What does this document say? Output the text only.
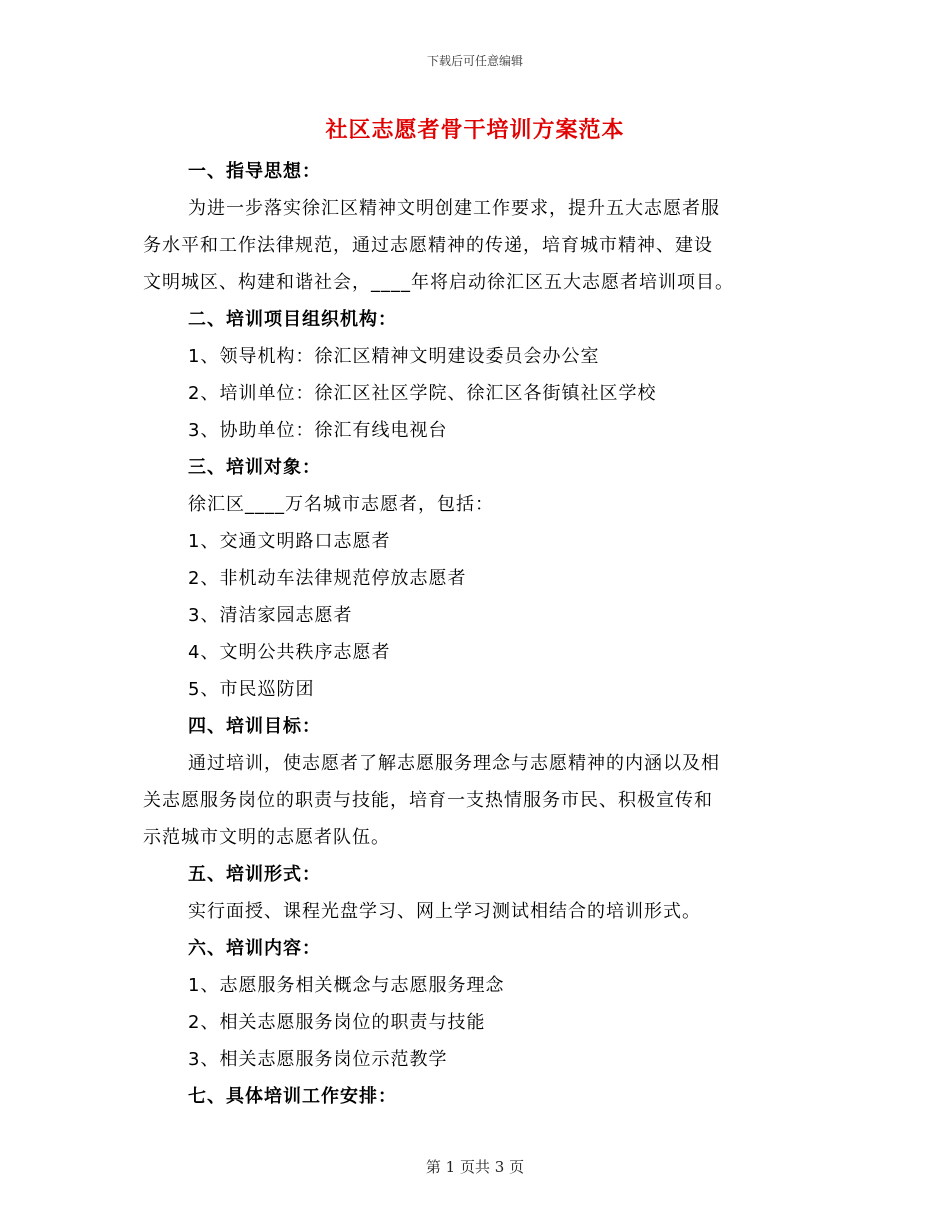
下载后可任意编辑
社区志愿者骨干培训方案范本
一、指导思想：
为进一步落实徐汇区精神文明创建工作要求，提升五大志愿者服
务水平和工作法律规范，通过志愿精神的传递，培育城市精神、建设
文明城区、构建和谐社会，____年将启动徐汇区五大志愿者培训项目。
二、培训项目组织机构：
1、领导机构：徐汇区精神文明建设委员会办公室
2、培训单位：徐汇区社区学院、徐汇区各街镇社区学校
3、协助单位：徐汇有线电视台
三、培训对象：
徐汇区____万名城市志愿者，包括：
1、交通文明路口志愿者
2、非机动车法律规范停放志愿者
3、清洁家园志愿者
4、文明公共秩序志愿者
5、市民巡防团
四、培训目标：
通过培训，使志愿者了解志愿服务理念与志愿精神的内涵以及相
关志愿服务岗位的职责与技能，培育一支热情服务市民、积极宣传和
示范城市文明的志愿者队伍。
五、培训形式：
实行面授、课程光盘学习、网上学习测试相结合的培训形式。
六、培训内容：
1、志愿服务相关概念与志愿服务理念
2、相关志愿服务岗位的职责与技能
3、相关志愿服务岗位示范教学
七、具体培训工作安排：
第 1 页共 3 页
